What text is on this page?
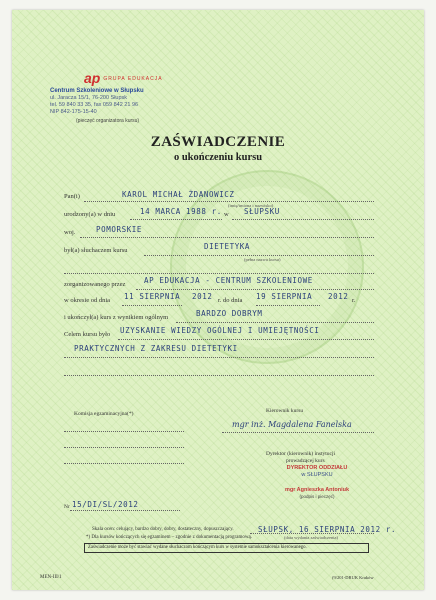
ap GRUPA EDUKACJA
Centrum Szkoleniowe w Słupsku
ul. Jaracza 15/1, 76-200 Słupsk
tel. 59 840 33 35, fax 059 842 21 96
NIP 842-175-15-40
(pieczęć organizatora kursu)
ZAŚWIADCZENIE
o ukończeniu kursu
Pan(i)	KAROL MICHAŁ ŻDANOWICZ
(imię/imiona i nazwisko)
urodzony(a) w dniu	14 MARCA 1988 r. w SŁUPSKU
woj.	POMORSKIE
był(a) słuchaczem kursu	DIETETYKA
(pełna nazwa kursu)
zorganizowanego przez AP EDUKACJA - CENTRUM SZKOLENIOWE
w okresie od dnia 11 SIERPNIA 2012 r. do dnia 19 SIERPNIA 2012 r.
i ukończył(a) kurs z wynikiem ogólnym	BARDZO DOBRYM
Celem kursu było UZYSKANIE WIEDZY OGÓLNEJ I UMIEJĘTNOŚCI
PRAKTYCZNYCH Z ZAKRESU DIETETYKI
Komisja egzaminacyjna(*)	Kierownik kursu
mgr inż. Magdalena Fanelska
Dyrektor (kierownik) instytucji
prowadzącej kurs
DYREKTOR ODDZIAŁU
w SŁUPSKU
mgr Agnieszka Antoniuk
(podpis i pieczęć)
SŁUPSK, 16 SIERPNIA 2012 r.
(data wydania zaświadczenia)
Nr 15/DI/SL/2012
Skala ocen: celujący, bardzo dobry, dobry, dostateczny, dopuszczający.
*) Dla kursów kończących się egzaminem – zgodnie z dokumentacją programową.
Zaświadczenie może być stawiać wydane słuchaczom kończącym kurs w systemie samokształcenia kierowanego.
MEN-III/1	(9/201-DRUK Kraków
